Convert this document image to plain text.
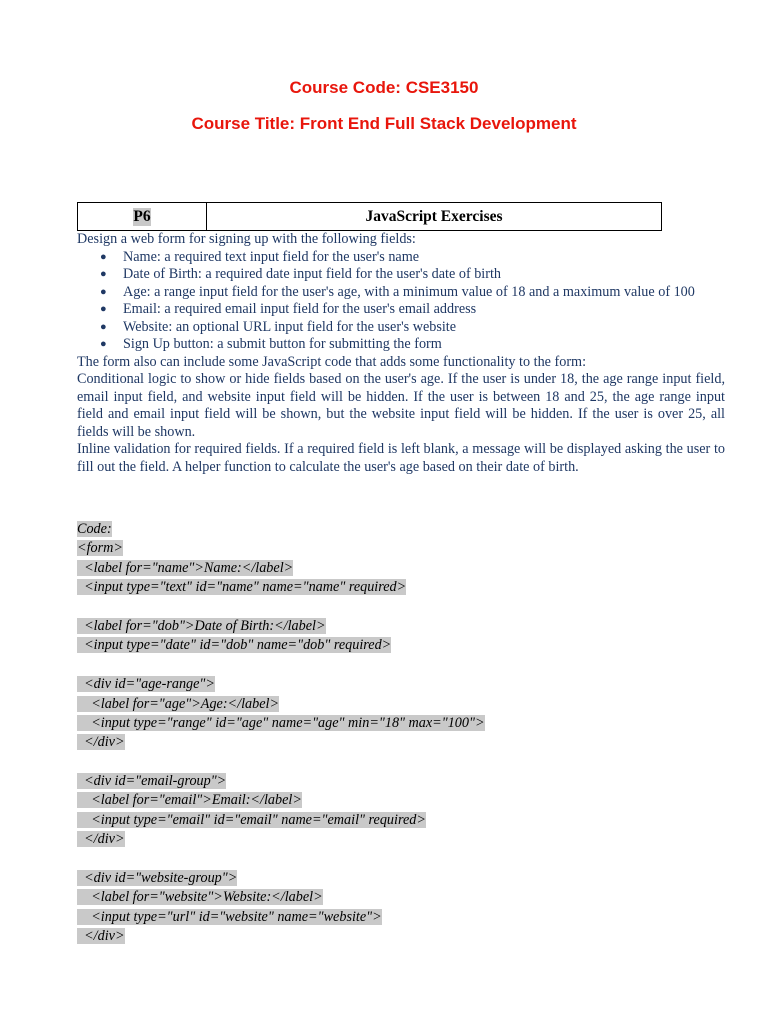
Course Code: CSE3150
Course Title: Front End Full Stack Development
P6	JavaScript Exercises

Design a web form for signing up with the following fields:

● Name: a required text input field for the user's name
● Date of Birth: a required date input field for the user's date of birth
● Age: a range input field for the user's age, with a minimum value of 18 and a maximum value of 100
● Email: a required email input field for the user's email address
● Website: an optional URL input field for the user's website
● Sign Up button: a submit button for submitting the form

The form also can include some JavaScript code that adds some functionality to the form:

Conditional logic to show or hide fields based on the user's age. If the user is under 18, the age range input field, email input field, and website input field will be hidden. If the user is between 18 and 25, the age range input field and email input field will be shown, but the website input field will be hidden. If the user is over 25, all fields will be shown.

Inline validation for required fields. If a required field is left blank, a message will be displayed asking the user to fill out the field. A helper function to calculate the user's age based on their date of birth.

Code:
<form>
<label for="name">Name:</label>
<input type="text" id="name" name="name" required>
<label for="dob">Date of Birth:</label>
<input type="date" id="dob" name="dob" required>
<div id="age-range">
<label for="age">Age:</label>
<input type="range" id="age" name="age" min="18" max="100">
</div>
<div id="email-group">
<label for="email">Email:</label>
<input type="email" id="email" name="email" required>
</div>
<div id="website-group">
<label for="website">Website:</label>
<input type="url" id="website" name="website">
</div>
